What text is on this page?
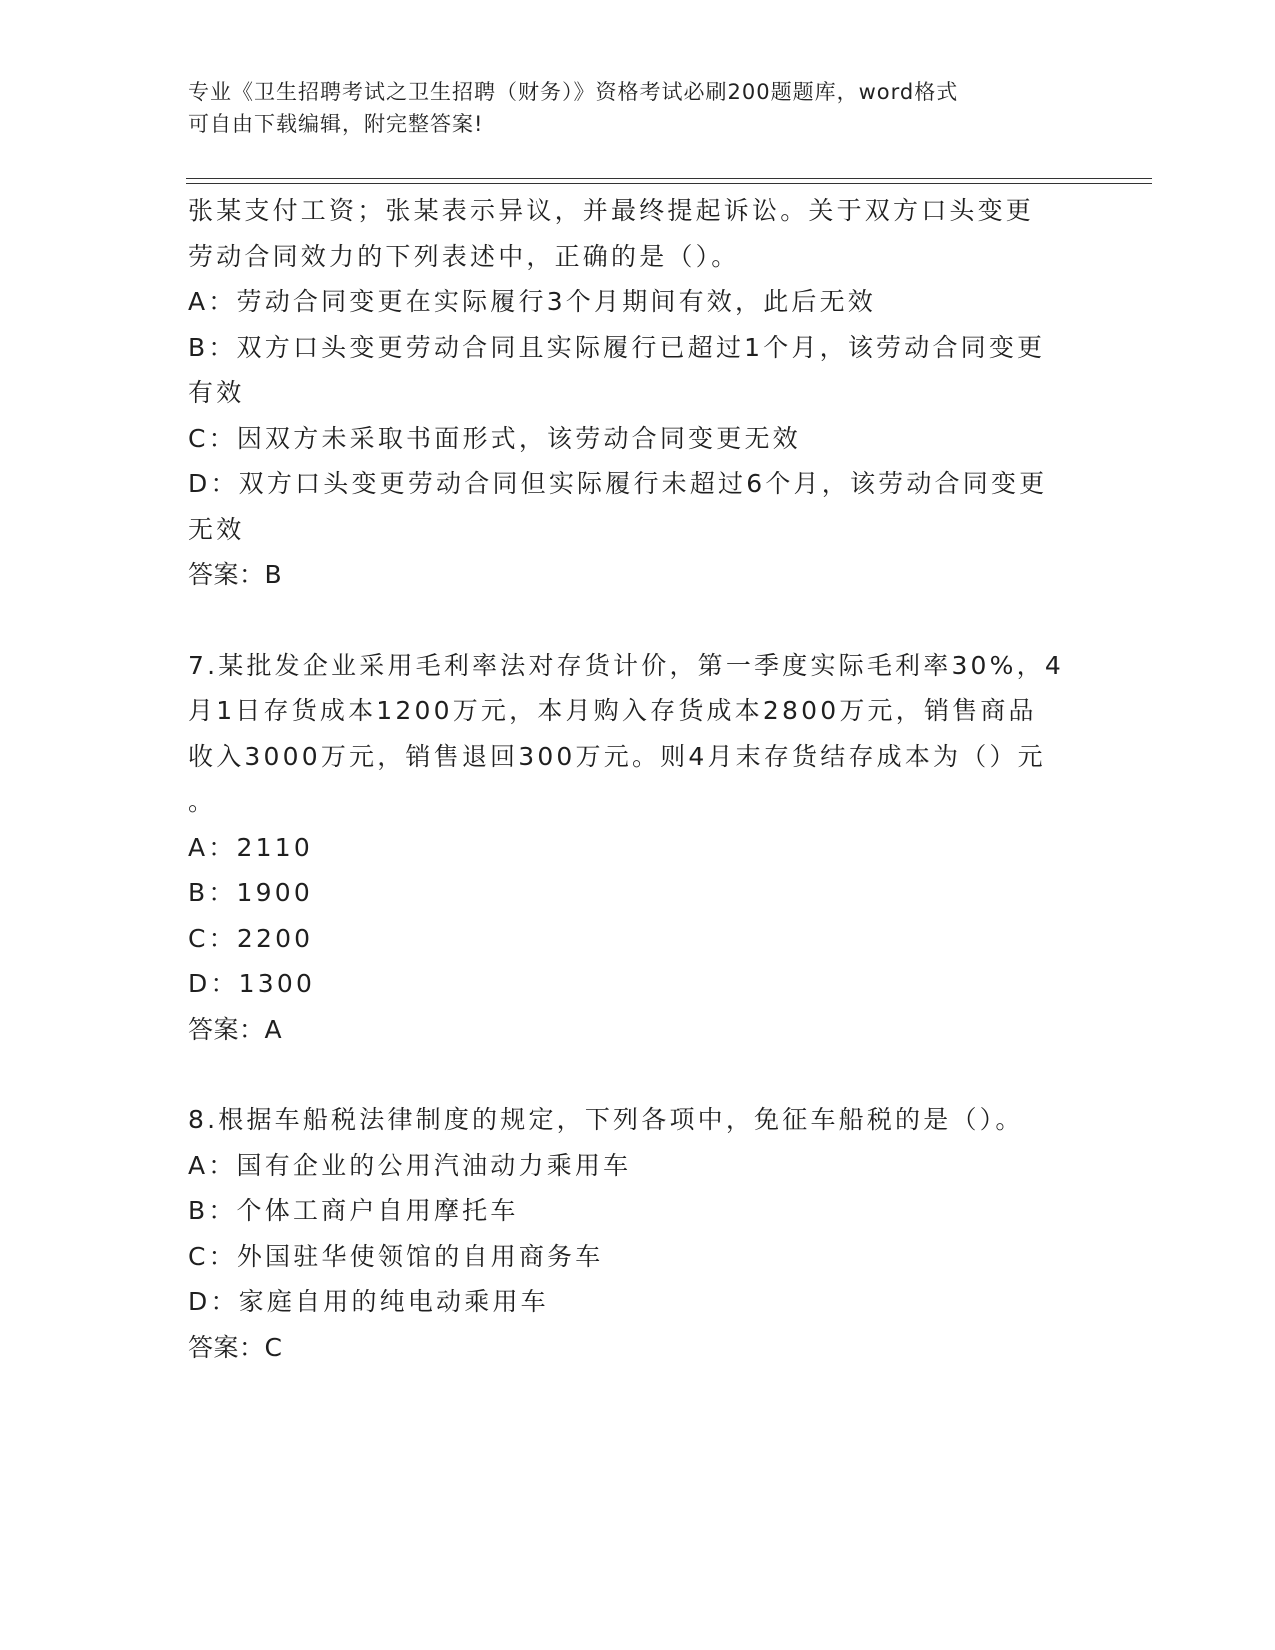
专业《卫生招聘考试之卫生招聘（财务）》资格考试必刷200题题库，word格式
可自由下载编辑，附完整答案!
张某支付工资；张某表示异议，并最终提起诉讼。关于双方口头变更
劳动合同效力的下列表述中，正确的是（）。
A：劳动合同变更在实际履行3个月期间有效，此后无效
B：双方口头变更劳动合同且实际履行已超过1个月，该劳动合同变更
有效
C：因双方未采取书面形式，该劳动合同变更无效
D：双方口头变更劳动合同但实际履行未超过6个月，该劳动合同变更
无效
答案：B
7.某批发企业采用毛利率法对存货计价，第一季度实际毛利率30%，4
月1日存货成本1200万元，本月购入存货成本2800万元，销售商品
收入3000万元，销售退回300万元。则4月末存货结存成本为（）元
。
A：2110
B：1900
C：2200
D：1300
答案：A
8.根据车船税法律制度的规定，下列各项中，免征车船税的是（）。
A：国有企业的公用汽油动力乘用车
B：个体工商户自用摩托车
C：外国驻华使领馆的自用商务车
D：家庭自用的纯电动乘用车
答案：C
